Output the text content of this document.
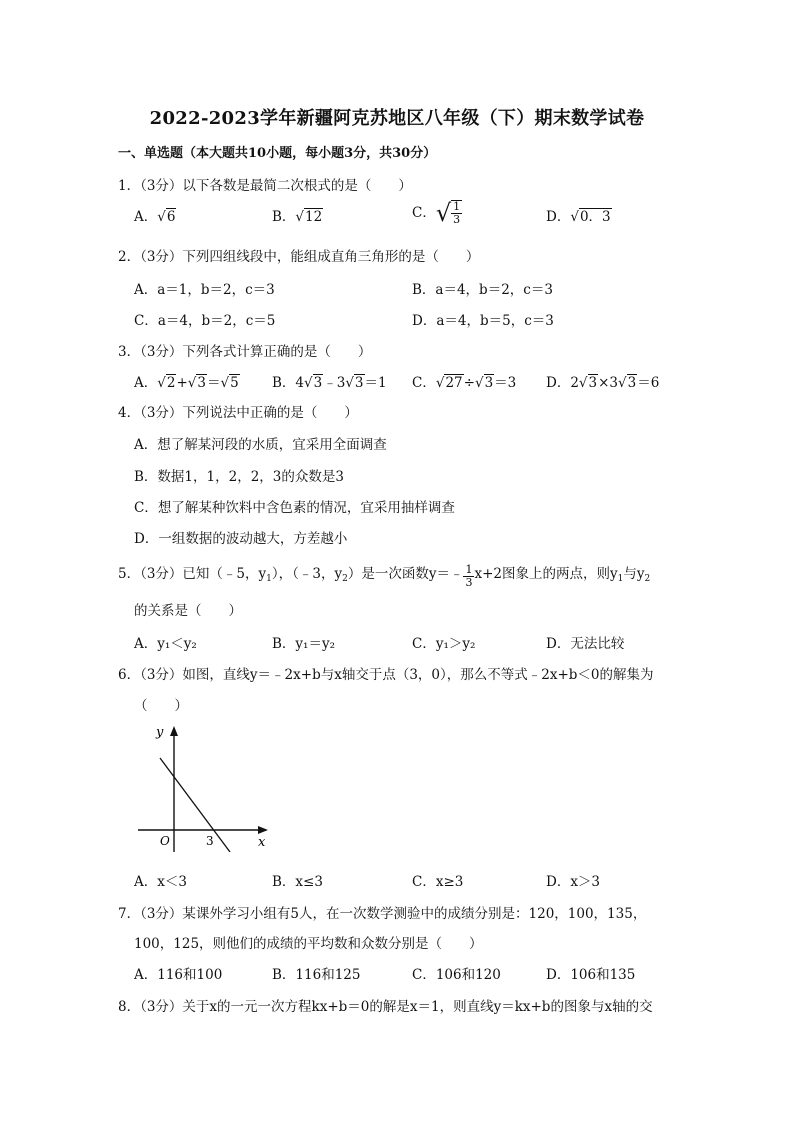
2022-2023学年新疆阿克苏地区八年级（下）期末数学试卷
一、单选题（本大题共10小题，每小题3分，共30分）
1．（3分）以下各数是最简二次根式的是（　　）
A．√6	B．√12	C．√ $\frac{1}{3}$	D．√0．3
2．（3分）下列四组线段中，能组成直角三角形的是（　　）
A．a＝1，b＝2，c＝3	B．a＝4，b＝2，c＝3
C．a＝4，b＝2，c＝5	D．a＝4，b＝5，c＝3
3．（3分）下列各式计算正确的是（　　）
A．√2+√3＝√5 B．4√3﹣3√3＝1 C．√27÷√3＝3 D．2√3×3√3＝6
4．（3分）下列说法中正确的是（　　）
A．想了解某河段的水质，宜采用全面调查
B．数据1，1，2，2，3的众数是3
C．想了解某种饮料中含色素的情况，宜采用抽样调查
D．一组数据的波动越大，方差越小
5．（3分）已知（﹣5，$y_1$），（﹣3，$y_2$）是一次函数y＝﹣ $\frac{1}{3} x+2$图象上的两点，则$y_1$与$y_2$
的关系是（　　）
A．y₁＜y₂	B．y₁＝y₂	C．y₁＞y₂	D．无法比较
6．（3分）如图，直线y＝﹣2x+b与x轴交于点（3，0），那么不等式﹣2x+b＜0的解集为
（　　）
y
x
O	3
A．x＜3	B．x≤3	C．x≥3	D．x＞3
7．（3分）某课外学习小组有5人，在一次数学测验中的成绩分别是：120，100，135，
100，125，则他们的成绩的平均数和众数分别是（　　）
A．116和100	B．116和125	C．106和120	D．106和135
8．（3分）关于x的一元一次方程kx+b＝0的解是x＝1，则直线y＝kx+b的图象与x轴的交
